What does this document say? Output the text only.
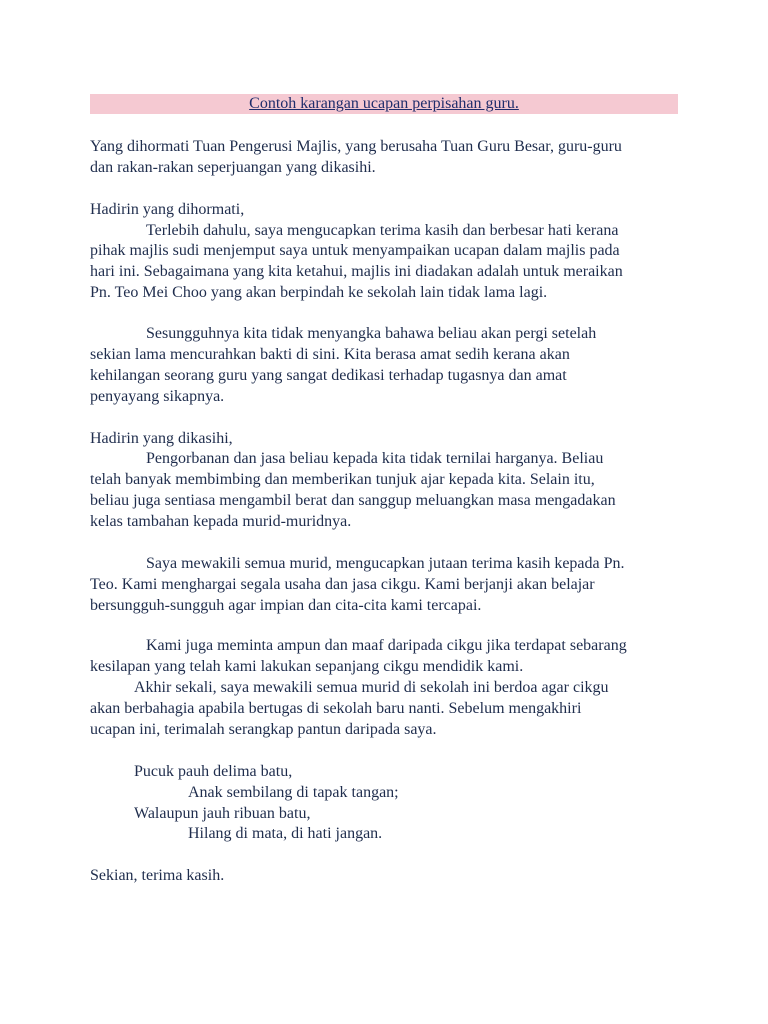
Contoh karangan ucapan perpisahan guru.
Yang dihormati Tuan Pengerusi Majlis, yang berusaha Tuan Guru Besar, guru-guru
dan rakan-rakan seperjuangan yang dikasihi.
Hadirin yang dihormati,
Terlebih dahulu, saya mengucapkan terima kasih dan berbesar hati kerana
pihak majlis sudi menjemput saya untuk menyampaikan ucapan dalam majlis pada
hari ini. Sebagaimana yang kita ketahui, majlis ini diadakan adalah untuk meraikan
Pn. Teo Mei Choo yang akan berpindah ke sekolah lain tidak lama lagi.
Sesungguhnya kita tidak menyangka bahawa beliau akan pergi setelah
sekian lama mencurahkan bakti di sini. Kita berasa amat sedih kerana akan
kehilangan seorang guru yang sangat dedikasi terhadap tugasnya dan amat
penyayang sikapnya.
Hadirin yang dikasihi,
Pengorbanan dan jasa beliau kepada kita tidak ternilai harganya. Beliau
telah banyak membimbing dan memberikan tunjuk ajar kepada kita. Selain itu,
beliau juga sentiasa mengambil berat dan sanggup meluangkan masa mengadakan
kelas tambahan kepada murid-muridnya.
Saya mewakili semua murid, mengucapkan jutaan terima kasih kepada Pn.
Teo. Kami menghargai segala usaha dan jasa cikgu. Kami berjanji akan belajar
bersungguh-sungguh agar impian dan cita-cita kami tercapai.
Kami juga meminta ampun dan maaf daripada cikgu jika terdapat sebarang
kesilapan yang telah kami lakukan sepanjang cikgu mendidik kami.
Akhir sekali, saya mewakili semua murid di sekolah ini berdoa agar cikgu
akan berbahagia apabila bertugas di sekolah baru nanti. Sebelum mengakhiri
ucapan ini, terimalah serangkap pantun daripada saya.
Pucuk pauh delima batu,
Anak sembilang di tapak tangan;
Walaupun jauh ribuan batu,
Hilang di mata, di hati jangan.
Sekian, terima kasih.
